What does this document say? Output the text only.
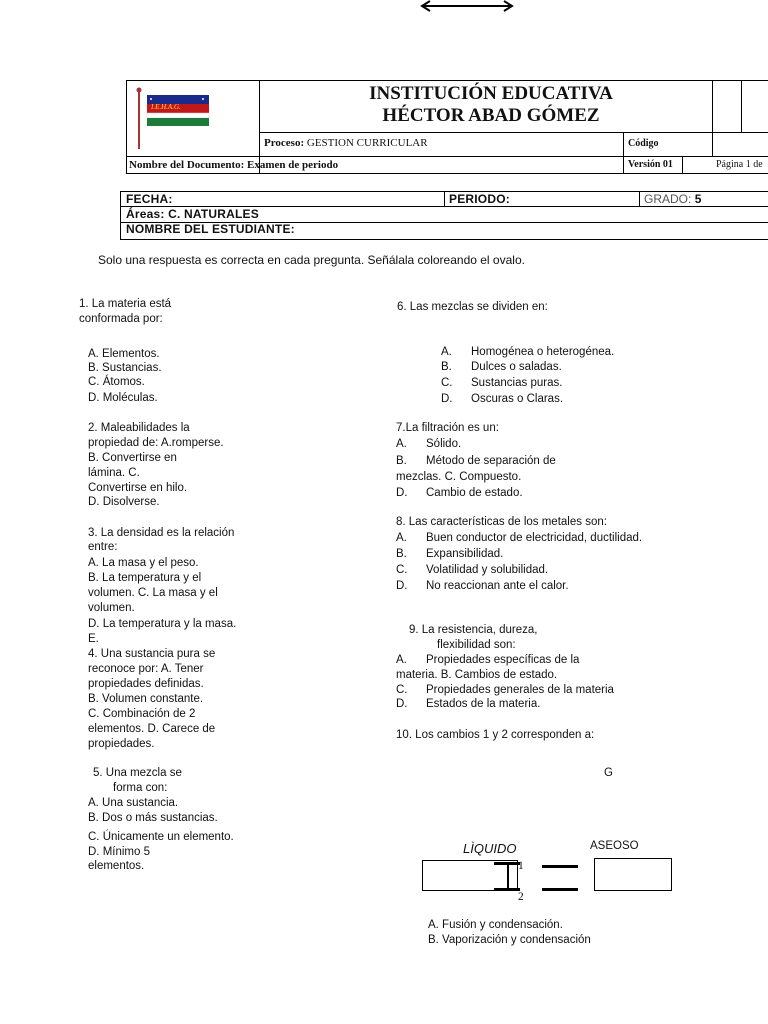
I.E.H.A.G.
INSTITUCIÓN EDUCATIVA
HÉCTOR ABAD GÓMEZ
Proceso: GESTION CURRICULAR	Código
Nombre del Documento: Examen de periodo	Versión 01	Página 1 de
FECHA:	PERIODO:	GRADO: 5
Áreas: C. NATURALES
NOMBRE DEL ESTUDIANTE:
Solo una respuesta es correcta en cada pregunta. Señálala coloreando el ovalo.
1. La materia está
conformada por:
A. Elementos.
B. Sustancias.
C. Átomos.
D. Moléculas.
2. Maleabilidades la
propiedad de: A.romperse.
B. Convertirse en
lámina. C.
Convertirse en hilo.
D. Disolverse.
3. La densidad es la relación
entre:
A. La masa y el peso.
B. La temperatura y el
volumen. C. La masa y el
volumen.
D. La temperatura y la masa.
E.
4. Una sustancia pura se
reconoce por: A. Tener
propiedades definidas.
B. Volumen constante.
C. Combinación de 2
elementos. D. Carece de
propiedades.
5. Una mezcla se
forma con:
A. Una sustancia.
B. Dos o más sustancias.
C. Únicamente un elemento.
D. Mínimo 5
elementos.
6. Las mezclas se dividen en:
A. Homogénea o heterogénea.
B. Dulces o saladas.
C. Sustancias puras.
D. Oscuras o Claras.
7.La filtración es un:
A. Sólido.
B. Método de separación de
mezclas. C. Compuesto.
D. Cambio de estado.
8. Las características de los metales son:
A. Buen conductor de electricidad, ductilidad.
B. Expansibilidad.
C. Volatilidad y solubilidad.
D. No reaccionan ante el calor.
9. La resistencia, dureza,
flexibilidad son:
A. Propiedades específicas de la
materia. B. Cambios de estado.
C. Propiedades generales de la materia
D. Estados de la materia.
10. Los cambios 1 y 2 corresponden a:
G
LÌQUIDO	ASEOSO
1
2
A. Fusión y condensación.
B. Vaporización y condensación
